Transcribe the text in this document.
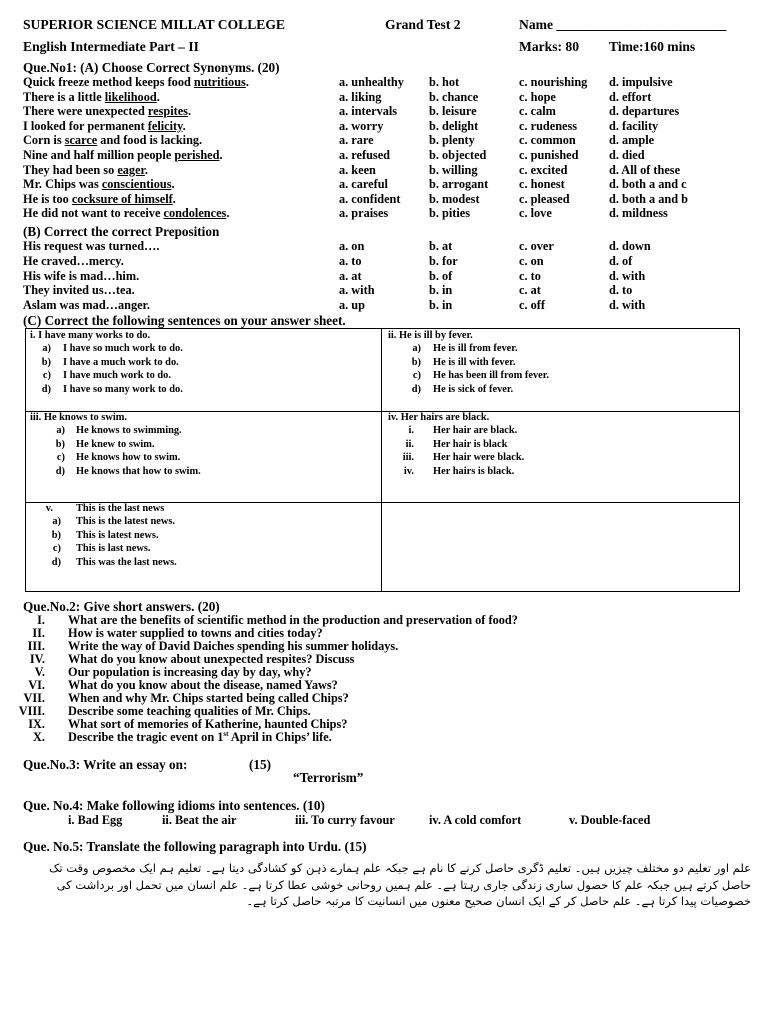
SUPERIOR SCIENCE MILLAT COLLEGE	Grand Test 2	Name _________________________
English Intermediate Part – II	Marks: 80 Time:160 mins
Que.No1: (A) Choose Correct Synonyms. (20)
Quick freeze method keeps food nutritious.	a. unhealthy b. hot	c. nourishing d. impulsive
There is a little likelihood.	a. liking	b. chance	c. hope	d. effort
There were unexpected respites.	a. intervals	b. leisure	c. calm	d. departures
I looked for permanent felicity.	a. worry	b. delight	c. rudeness	d. facility
Corn is scarce and food is lacking.	a. rare	b. plenty	c. common	d. ample
Nine and half million people perished.	a. refused	b. objected	c. punished d. died
They had been so eager.	a. keen	b. willing	c. excited	d. All of these
Mr. Chips was conscientious.	a. careful	b. arrogant	c. honest	d. both a and c
He is too cocksure of himself.	a. confident b. modest	c. pleased	d. both a and b
He did not want to receive condolences.	a. praises	b. pities	c. love	d. mildness
(B) Correct the correct Preposition
His request was turned….	a. on	b. at	c. over	d. down
He craved…mercy.	a. to	b. for	c. on	d. of
His wife is mad…him.	a. at	b. of	c. to	d. with
They invited us…tea.	a. with	b. in	c. at	d. to
Aslam was mad…anger.	a. up	b. in	c. off	d. with
(C) Correct the following sentences on your answer sheet.
i. I have many works to do.
a) I have so much work to do.
b) I have a much work to do.
c) I have much work to do.
d) I have so many work to do.
ii. He is ill by fever.
a) He is ill from fever.
b) He is ill with fever.
c) He has been ill from fever.
d) He is sick of fever.
iii. He knows to swim.
a) He knows to swimming.
b) He knew to swim.
c) He knows how to swim.
d) He knows that how to swim.
iv. Her hairs are black.
i. Her hair are black.
ii. Her hair is black
iii. Her hair were black.
iv. Her hairs is black.
v. This is the last news
a) This is the latest news.
b) This is latest news.
c) This is last news.
d) This was the last news.
Que.No.2: Give short answers. (20)
I. What are the benefits of scientific method in the production and preservation of food?
II. How is water supplied to towns and cities today?
III. Write the way of David Daiches spending his summer holidays.
IV. What do you know about unexpected respites? Discuss
V. Our population is increasing day by day, why?
VI. What do you know about the disease, named Yaws?
VII. When and why Mr. Chips started being called Chips?
VIII. Describe some teaching qualities of Mr. Chips.
IX. What sort of memories of Katherine, haunted Chips?
X. Describe the tragic event on 1st April in Chips’ life.
Que.No.3: Write an essay on:	(15)
“Terrorism”
Que. No.4: Make following idioms into sentences. (10)
i. Bad Egg	ii. Beat the air	iii. To curry favour	iv. A cold comfort	v. Double-faced
Que. No.5: Translate the following paragraph into Urdu. (15)
علم اور تعلیم دو مختلف چیزیں ہیں۔ تعلیم ڈگری حاصل کرنے کا نام ہے جبکہ علم ہمارے ذہن کو کشادگی دیتا ہے۔ تعلیم ہم ایک مخصوص وقت تک
حاصل کرتے ہیں جبکہ علم کا حصول ساری زندگی جاری رہتا ہے۔ علم ہمیں روحانی خوشی عطا کرتا ہے۔ علم انسان میں تحمل اور برداشت کی
خصوصیات پیدا کرتا ہے۔ علم حاصل کر کے ایک انسان صحیح معنوں میں انسانیت کا مرتبہ حاصل کرتا ہے۔
